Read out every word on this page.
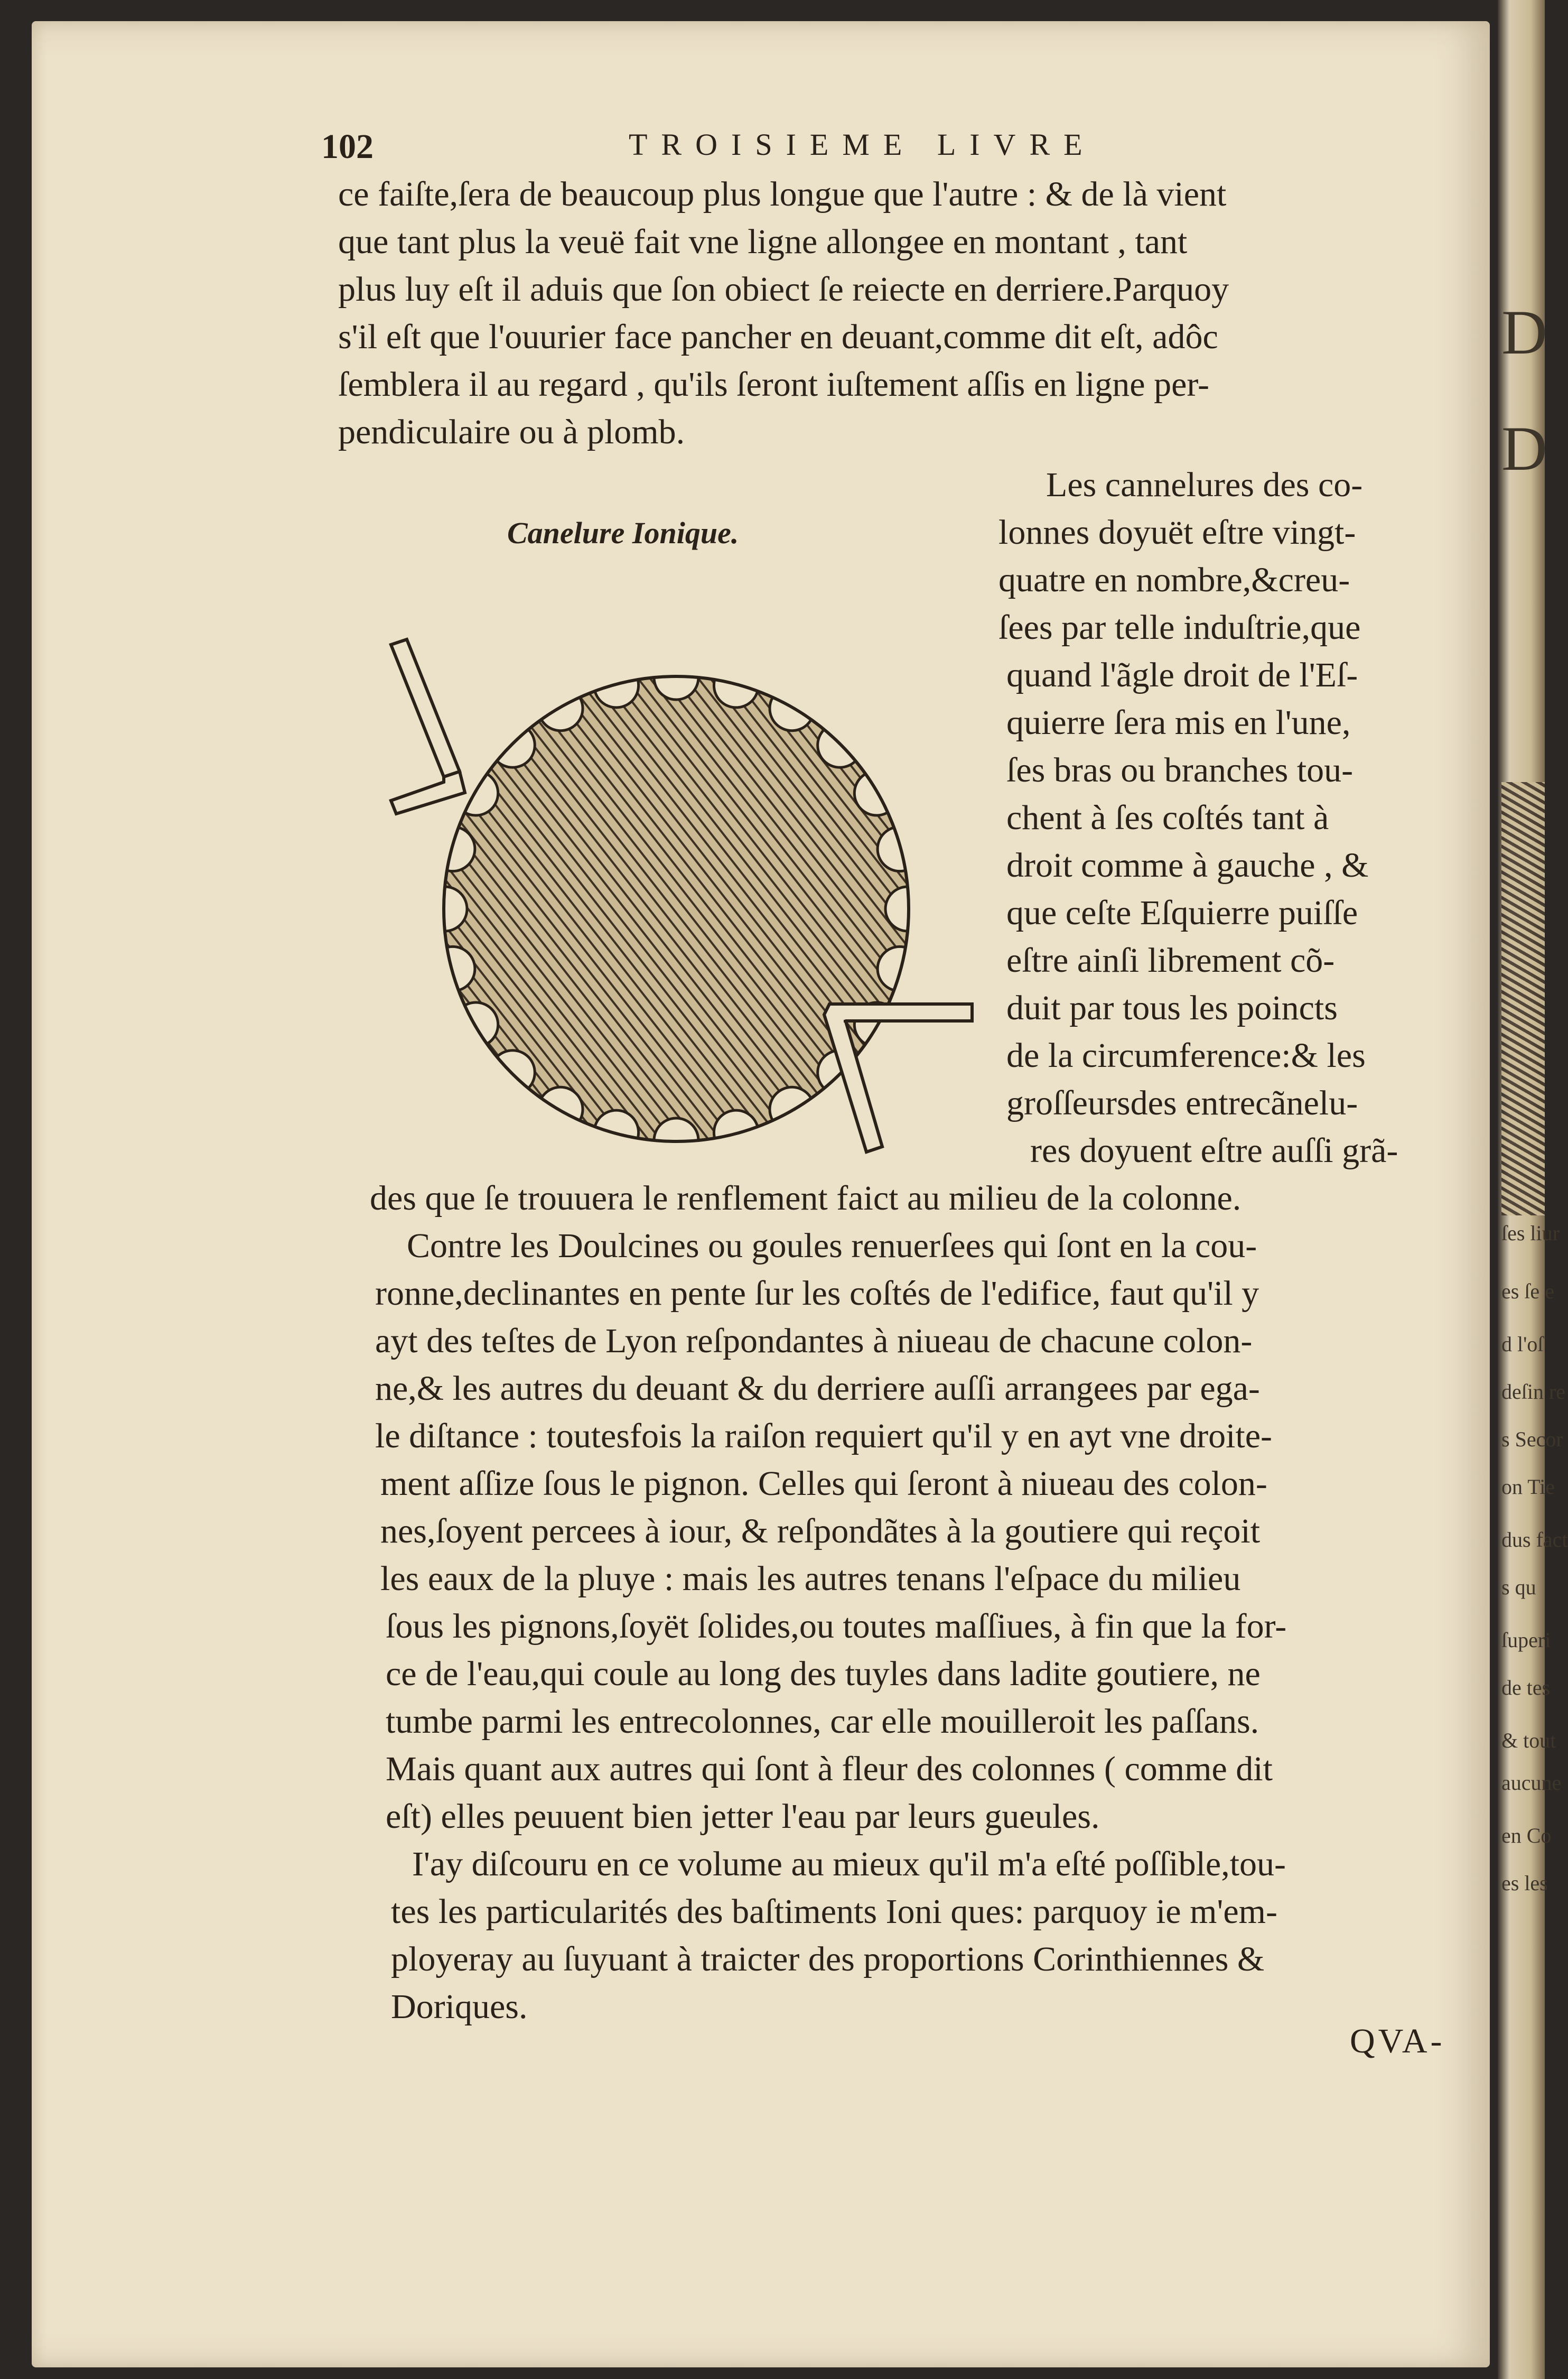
D
D
ſes liur
es ſe e
d l'oſ
deſin re
s Secor
on Tie
dus fact
s qu
ſuperi
de tes
& tout
aucune
en Co
es les
102	TROISIEME LIVRE
ce faiſte,ſera de beaucoup plus longue que l'autre : & de là vient
que tant plus la veuë fait vne ligne allongee en montant , tant
plus luy eſt il aduis que ſon obiect ſe reiecte en derriere.Parquoy
s'il eſt que l'ouurier face pancher en deuant,comme dit eſt, adôc
ſemblera il au regard , qu'ils ſeront iuſtement aſſis en ligne per-
pendiculaire ou à plomb.
Canelure Ionique.
Les cannelures des co-
lonnes doyuët eſtre vingt-
quatre en nombre,&creu-
ſees par telle induſtrie,que
quand l'ãgle droit de l'Eſ-
quierre ſera mis en l'une,
ſes bras ou branches tou-
chent à ſes coſtés tant à
droit comme à gauche , &
que ceſte Eſquierre puiſſe
eſtre ainſi librement cõ-
duit par tous les poincts
de la circumference:& les
groſſeursdes entrecãnelu-
res doyuent eſtre auſſi grã-
des que ſe trouuera le renflement faict au milieu de la colonne.
Contre les Doulcines ou goules renuerſees qui ſont en la cou-
ronne,declinantes en pente ſur les coſtés de l'edifice, faut qu'il y
ayt des teſtes de Lyon reſpondantes à niueau de chacune colon-
ne,& les autres du deuant & du derriere auſſi arrangees par ega-
le diſtance : toutesfois la raiſon requiert qu'il y en ayt vne droite-
ment aſſize ſous le pignon. Celles qui ſeront à niueau des colon-
nes,ſoyent percees à iour, & reſpondãtes à la goutiere qui reçoit
les eaux de la pluye : mais les autres tenans l'eſpace du milieu
ſous les pignons,ſoyët ſolides,ou toutes maſſiues, à fin que la for-
ce de l'eau,qui coule au long des tuyles dans ladite goutiere, ne
tumbe parmi les entrecolonnes, car elle mouilleroit les paſſans.
Mais quant aux autres qui ſont à fleur des colonnes ( comme dit
eſt) elles peuuent bien jetter l'eau par leurs gueules.
I'ay diſcouru en ce volume au mieux qu'il m'a eſté poſſible,tou-
tes les particularités des baſtiments Ioni ques: parquoy ie m'em-
ployeray au ſuyuant à traicter des proportions Corinthiennes &
Doriques.
QVA-
